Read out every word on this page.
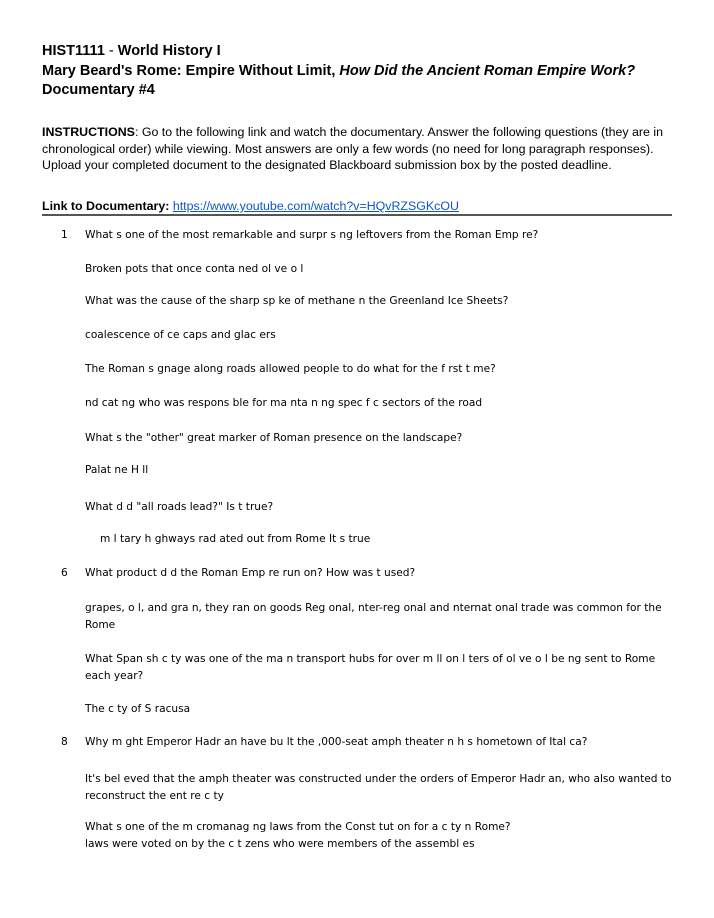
HIST1111 - World History I
Mary Beard's Rome: Empire Without Limit, How Did the Ancient Roman Empire Work?
Documentary #4
INSTRUCTIONS: Go to the following link and watch the documentary. Answer the following questions (they are in chronological order) while viewing. Most answers are only a few words (no need for long paragraph responses). Upload your completed document to the designated Blackboard submission box by the posted deadline.
Link to Documentary: https://www.youtube.com/watch?v=HQvRZSGKcOU
1 What s one of the most remarkable and surpr s ng leftovers from the Roman Emp re?
Broken pots that once conta ned ol ve o l
What was the cause of the sharp sp ke of methane n the Greenland Ice Sheets?
coalescence of ce caps and glac ers
The Roman s gnage along roads allowed people to do what for the f rst t me?
nd cat ng who was respons ble for ma nta n ng spec f c sectors of the road
What s the "other" great marker of Roman presence on the landscape?
Palat ne H ll
What d d "all roads lead?" Is t true?
m l tary h ghways rad ated out from Rome It s true
6 What product d d the Roman Emp re run on? How was t used?
grapes, o l, and gra n, they ran on goods Reg onal, nter-reg onal and nternat onal trade was common for the Rome
What Span sh c ty was one of the ma n transport hubs for over m ll on l ters of ol ve o l be ng sent to Rome each year?
The c ty of S racusa
8 Why m ght Emperor Hadr an have bu lt the ,000-seat amph theater n h s hometown of Ital ca?
It's bel eved that the amph theater was constructed under the orders of Emperor Hadr an, who also wanted to reconstruct the ent re c ty
What s one of the m cromanag ng laws from the Const tut on for a c ty n Rome?
laws were voted on by the c t zens who were members of the assembl es
